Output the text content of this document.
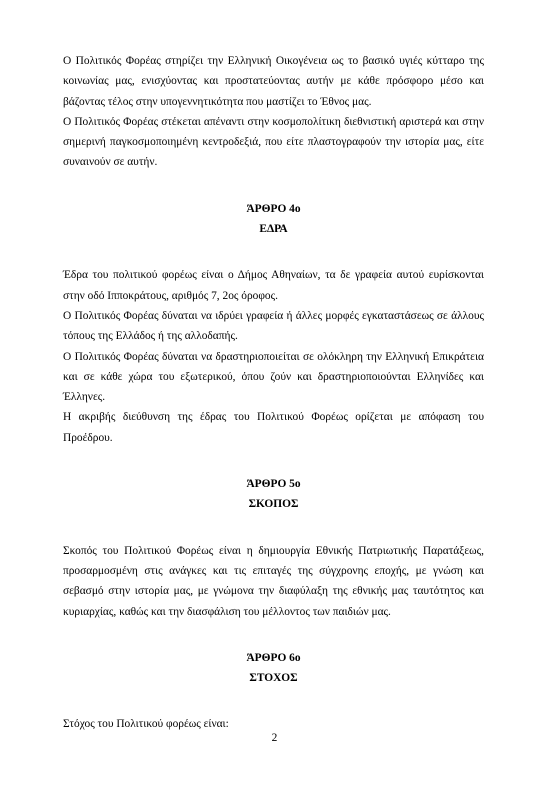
Ο Πολιτικός Φορέας στηρίζει την Ελληνική Οικογένεια ως το βασικό υγιές κύτταρο της κοινωνίας μας, ενισχύοντας και προστατεύοντας αυτήν με κάθε πρόσφορο μέσο και βάζοντας τέλος στην υπογεννητικότητα που μαστίζει το Έθνος μας.

Ο Πολιτικός Φορέας στέκεται απέναντι στην κοσμοπολίτικη διεθνιστική αριστερά και στην σημερινή παγκοσμοποιημένη κεντροδεξιά, που είτε πλαστογραφούν την ιστορία μας, είτε συναινούν σε αυτήν.

ΆΡΘΡΟ 4ο
ΕΔΡΑ

Έδρα του πολιτικού φορέως είναι ο Δήμος Αθηναίων, τα δε γραφεία αυτού ευρίσκονται στην οδό Ιπποκράτους, αριθμός 7, 2ος όροφος.

Ο Πολιτικός Φορέας δύναται να ιδρύει γραφεία ή άλλες μορφές εγκαταστάσεως σε άλλους τόπους της Ελλάδος ή της αλλοδαπής.

Ο Πολιτικός Φορέας δύναται να δραστηριοποιείται σε ολόκληρη την Ελληνική Επικράτεια και σε κάθε χώρα του εξωτερικού, όπου ζούν και δραστηριοποιούνται Ελληνίδες και Έλληνες.

Η ακριβής διεύθυνση της έδρας του Πολιτικού Φορέως ορίζεται με απόφαση του Προέδρου.

ΆΡΘΡΟ 5ο
ΣΚΟΠΟΣ

Σκοπός του Πολιτικού Φορέως είναι η δημιουργία Εθνικής Πατριωτικής Παρατάξεως, προσαρμοσμένη στις ανάγκες και τις επιταγές της σύγχρονης εποχής, με γνώση και σεβασμό στην ιστορία μας, με γνώμονα την διαφύλαξη της εθνικής μας ταυτότητος και κυριαρχίας, καθώς και την διασφάλιση του μέλλοντος των παιδιών μας.

ΆΡΘΡΟ 6ο
ΣΤΟΧΟΣ

Στόχος του Πολιτικού φορέως είναι:

2
